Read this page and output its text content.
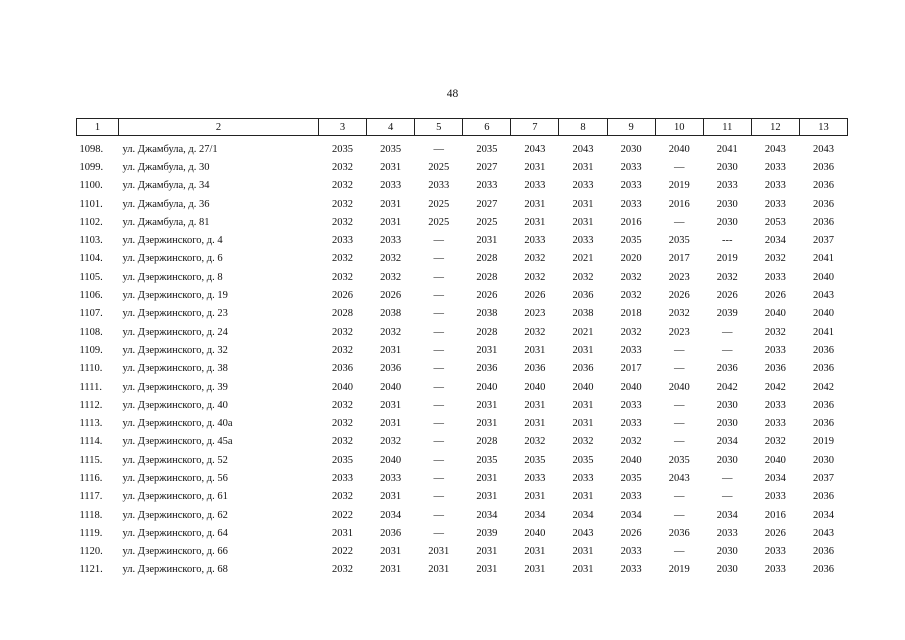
48
1	2	3	4	5	6	7	8	9	10	11	12	13
1098.	ул. Джамбула, д. 27/1	2035	2035	—	2035	2043	2043	2030	2040	2041	2043	2043
1099.	ул. Джамбула, д. 30	2032	2031	2025	2027	2031	2031	2033	—	2030	2033	2036
1100.	ул. Джамбула, д. 34	2032	2033	2033	2033	2033	2033	2033	2019	2033	2033	2036
1101.	ул. Джамбула, д. 36	2032	2031	2025	2027	2031	2031	2033	2016	2030	2033	2036
1102.	ул. Джамбула, д. 81	2032	2031	2025	2025	2031	2031	2016	—	2030	2053	2036
1103.	ул. Дзержинского, д. 4	2033	2033	—	2031	2033	2033	2035	2035	---	2034	2037
1104.	ул. Дзержинского, д. 6	2032	2032	—	2028	2032	2021	2020	2017	2019	2032	2041
1105.	ул. Дзержинского, д. 8	2032	2032	—	2028	2032	2032	2032	2023	2032	2033	2040
1106.	ул. Дзержинского, д. 19	2026	2026	—	2026	2026	2036	2032	2026	2026	2026	2043
1107.	ул. Дзержинского, д. 23	2028	2038	—	2038	2023	2038	2018	2032	2039	2040	2040
1108.	ул. Дзержинского, д. 24	2032	2032	—	2028	2032	2021	2032	2023	—	2032	2041
1109.	ул. Дзержинского, д. 32	2032	2031	—	2031	2031	2031	2033	—	—	2033	2036
1110.	ул. Дзержинского, д. 38	2036	2036	—	2036	2036	2036	2017	—	2036	2036	2036
1111.	ул. Дзержинского, д. 39	2040	2040	—	2040	2040	2040	2040	2040	2042	2042	2042
1112.	ул. Дзержинского, д. 40	2032	2031	—	2031	2031	2031	2033	—	2030	2033	2036
1113.	ул. Дзержинского, д. 40а	2032	2031	—	2031	2031	2031	2033	—	2030	2033	2036
1114.	ул. Дзержинского, д. 45а	2032	2032	—	2028	2032	2032	2032	—	2034	2032	2019
1115.	ул. Дзержинского, д. 52	2035	2040	—	2035	2035	2035	2040	2035	2030	2040	2030
1116.	ул. Дзержинского, д. 56	2033	2033	—	2031	2033	2033	2035	2043	—	2034	2037
1117.	ул. Дзержинского, д. 61	2032	2031	—	2031	2031	2031	2033	—	—	2033	2036
1118.	ул. Дзержинского, д. 62	2022	2034	—	2034	2034	2034	2034	—	2034	2016	2034
1119.	ул. Дзержинского, д. 64	2031	2036	—	2039	2040	2043	2026	2036	2033	2026	2043
1120.	ул. Дзержинского, д. 66	2022	2031	2031	2031	2031	2031	2033	—	2030	2033	2036
1121.	ул. Дзержинского, д. 68	2032	2031	2031	2031	2031	2031	2033	2019	2030	2033	2036
